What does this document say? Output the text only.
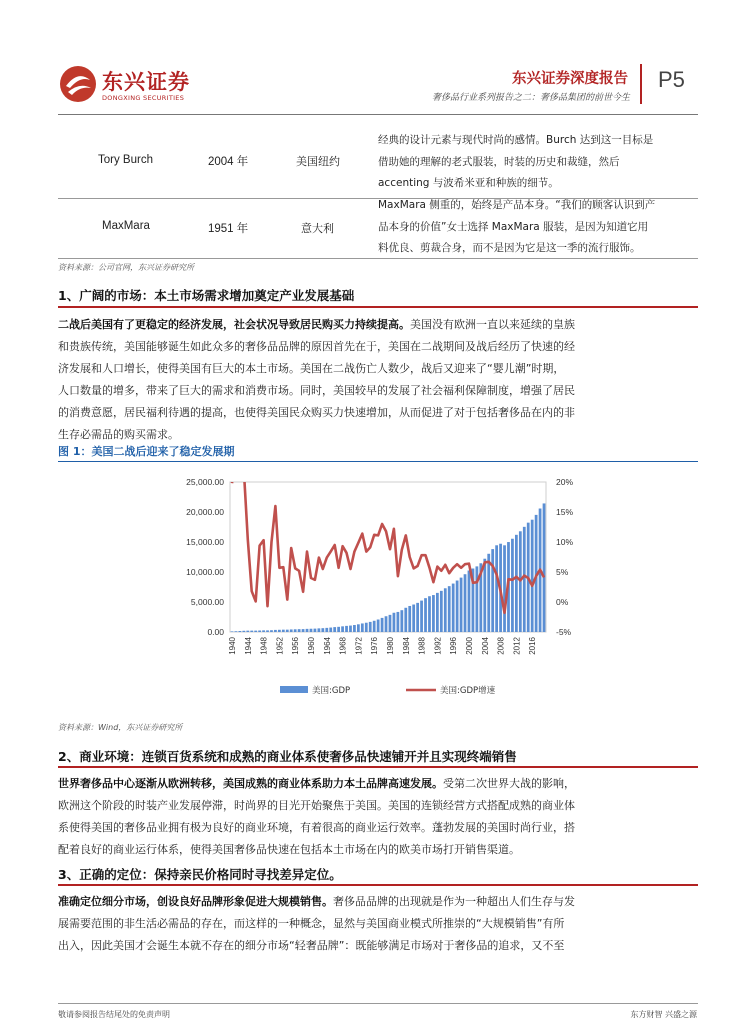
东兴证券
DONGXING SECURITIES
东兴证券深度报告
奢侈品行业系列报告之二：奢侈品集团的前世今生
P5
Tory Burch	2004 年	美国纽约
经典的设计元素与现代时尚的感情。Burch 达到这一目标是
借助她的理解的老式服装，时装的历史和裁缝，然后
accenting 与波希米亚和种族的细节。
MaxMara	1951 年	意大利
MaxMara 侧重的，始终是产品本身。“我们的顾客认识到产
品本身的价值”女士选择 MaxMara 服装，是因为知道它用
料优良、剪裁合身，而不是因为它是这一季的流行服饰。
资料来源：公司官网，东兴证券研究所
1、广阔的市场：本土市场需求增加奠定产业发展基础
二战后美国有了更稳定的经济发展，社会状况导致居民购买力持续提高。美国没有欧洲一直以来延续的皇族
和贵族传统，美国能够诞生如此众多的奢侈品品牌的原因首先在于，美国在二战期间及战后经历了快速的经
济发展和人口增长，使得美国有巨大的本土市场。美国在二战伤亡人数少，战后又迎来了“婴儿潮”时期，
人口数量的增多，带来了巨大的需求和消费市场。同时，美国较早的发展了社会福利保障制度，增强了居民
的消费意愿，居民福利待遇的提高，也使得美国民众购买力快速增加，从而促进了对于包括奢侈品在内的非
生存必需品的购买需求。
图 1：美国二战后迎来了稳定发展期
25,000.00
20,000.00
15,000.00
10,000.00
5,000.00
0.00
20%
15%
10%
5%
0%
-5%
1940 1944 1948 1952 1956 1960 1964 1968 1972 1976 1980 1984 1988 1992 1996 2000 2004 2008 2012 2016
美国:GDP	美国:GDP增速
资料来源：Wind，东兴证券研究所
2、商业环境：连锁百货系统和成熟的商业体系使奢侈品快速铺开并且实现终端销售
世界奢侈品中心逐渐从欧洲转移，美国成熟的商业体系助力本土品牌高速发展。受第二次世界大战的影响，
欧洲这个阶段的时装产业发展停滞，时尚界的目光开始聚焦于美国。美国的连锁经营方式搭配成熟的商业体
系使得美国的奢侈品业拥有极为良好的商业环境，有着很高的商业运行效率。蓬勃发展的美国时尚行业，搭
配着良好的商业运行体系，使得美国奢侈品快速在包括本土市场在内的欧美市场打开销售渠道。
3、正确的定位：保持亲民价格同时寻找差异定位。
准确定位细分市场，创设良好品牌形象促进大规模销售。奢侈品品牌的出现就是作为一种超出人们生存与发
展需要范围的非生活必需品的存在，而这样的一种概念，显然与美国商业模式所推崇的“大规模销售”有所
出入，因此美国才会诞生本就不存在的细分市场“轻奢品牌”：既能够满足市场对于奢侈品的追求，又不至
敬请参阅报告结尾处的免责声明	东方财智 兴盛之源
